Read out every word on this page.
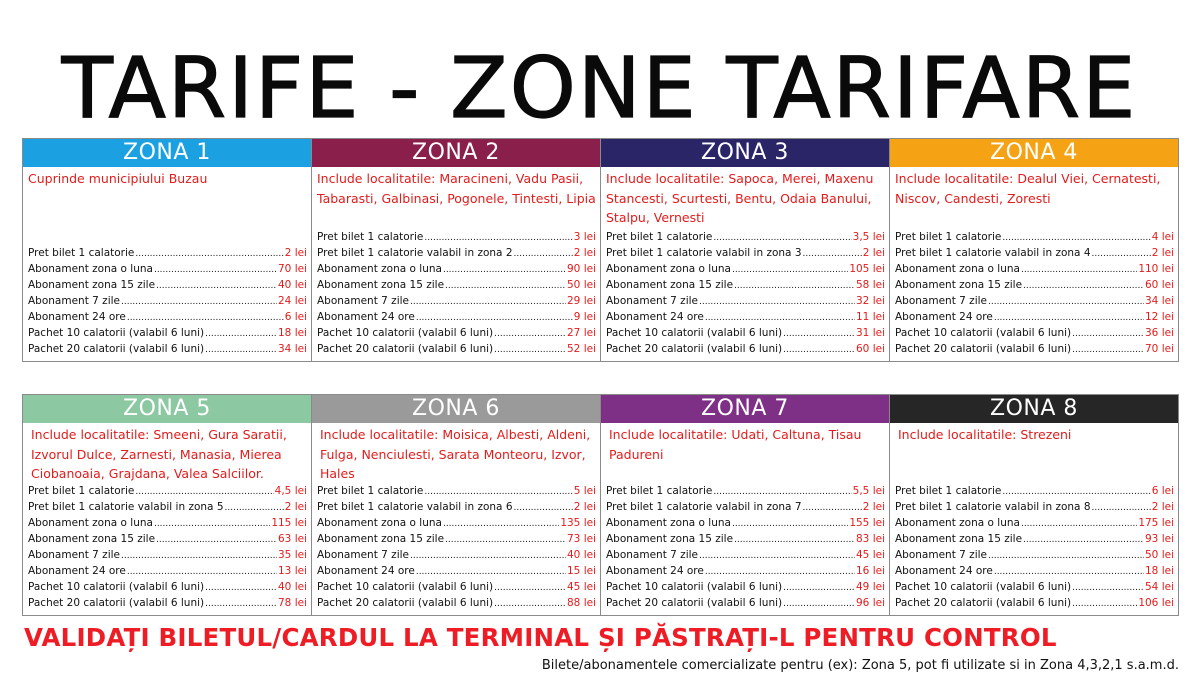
TARIFE - ZONE TARIFARE
ZONA 1
Cuprinde municipiului Buzau
Pret bilet 1 calatorie .....	2 lei
Abonament zona o luna .....	70 lei
Abonament zona 15 zile .....	40 lei
Abonament 7 zile .....	24 lei
Abonament 24 ore .....	6 lei
Pachet 10 calatorii (valabil 6 luni) .....	18 lei
Pachet 20 calatorii (valabil 6 luni) .....	34 lei
ZONA 2
Include localitatile: Maracineni, Vadu Pasii, Tabarasti, Galbinasi, Pogonele, Tintesti, Lipia
Pret bilet 1 calatorie .....	3 lei
Pret bilet 1 calatorie valabil in zona 2 .....	2 lei
Abonament zona o luna .....	90 lei
Abonament zona 15 zile .....	50 lei
Abonament 7 zile .....	29 lei
Abonament 24 ore .....	9 lei
Pachet 10 calatorii (valabil 6 luni) .....	27 lei
Pachet 20 calatorii (valabil 6 luni) .....	52 lei
ZONA 3
Include localitatile: Sapoca, Merei, Maxenu Stancesti, Scurtesti, Bentu, Odaia Banului, Stalpu, Vernesti
Pret bilet 1 calatorie .....	3,5 lei
Pret bilet 1 calatorie valabil in zona 3 .....	2 lei
Abonament zona o luna .....	105 lei
Abonament zona 15 zile .....	58 lei
Abonament 7 zile .....	32 lei
Abonament 24 ore .....	11 lei
Pachet 10 calatorii (valabil 6 luni) .....	31 lei
Pachet 20 calatorii (valabil 6 luni) .....	60 lei
ZONA 4
Include localitatile: Dealul Viei, Cernatesti, Niscov, Candesti, Zoresti
Pret bilet 1 calatorie .....	4 lei
Pret bilet 1 calatorie valabil in zona 4 .....	2 lei
Abonament zona o luna .....	110 lei
Abonament zona 15 zile .....	60 lei
Abonament 7 zile .....	34 lei
Abonament 24 ore .....	12 lei
Pachet 10 calatorii (valabil 6 luni) .....	36 lei
Pachet 20 calatorii (valabil 6 luni) .....	70 lei
ZONA 5
Include localitatile: Smeeni, Gura Saratii, Izvorul Dulce, Zarnesti, Manasia, Mierea Ciobanoaia, Grajdana, Valea Salciilor.
Pret bilet 1 calatorie .....	4,5 lei
Pret bilet 1 calatorie valabil in zona 5 .....	2 lei
Abonament zona o luna .....	115 lei
Abonament zona 15 zile .....	63 lei
Abonament 7 zile .....	35 lei
Abonament 24 ore .....	13 lei
Pachet 10 calatorii (valabil 6 luni) .....	40 lei
Pachet 20 calatorii (valabil 6 luni) .....	78 lei
ZONA 6
Include localitatile: Moisica, Albesti, Aldeni, Fulga, Nenciulesti, Sarata Monteoru, Izvor, Hales
Pret bilet 1 calatorie .....	5 lei
Pret bilet 1 calatorie valabil in zona 6 .....	2 lei
Abonament zona o luna .....	135 lei
Abonament zona 15 zile .....	73 lei
Abonament 7 zile .....	40 lei
Abonament 24 ore .....	15 lei
Pachet 10 calatorii (valabil 6 luni) .....	45 lei
Pachet 20 calatorii (valabil 6 luni) .....	88 lei
ZONA 7
Include localitatile: Udati, Caltuna, Tisau Padureni
Pret bilet 1 calatorie .....	5,5 lei
Pret bilet 1 calatorie valabil in zona 7 .....	2 lei
Abonament zona o luna .....	155 lei
Abonament zona 15 zile .....	83 lei
Abonament 7 zile .....	45 lei
Abonament 24 ore .....	16 lei
Pachet 10 calatorii (valabil 6 luni) .....	49 lei
Pachet 20 calatorii (valabil 6 luni) .....	96 lei
ZONA 8
Include localitatile: Strezeni
Pret bilet 1 calatorie .....	6 lei
Pret bilet 1 calatorie valabil in zona 8 .....	2 lei
Abonament zona o luna .....	175 lei
Abonament zona 15 zile .....	93 lei
Abonament 7 zile .....	50 lei
Abonament 24 ore .....	18 lei
Pachet 10 calatorii (valabil 6 luni) .....	54 lei
Pachet 20 calatorii (valabil 6 luni) .....	106 lei
VALIDAȚI BILETUL/CARDUL LA TERMINAL ȘI PĂSTRAȚI-L PENTRU CONTROL
Bilete/abonamentele comercializate pentru (ex): Zona 5, pot fi utilizate si in Zona 4,3,2,1 s.a.m.d.
